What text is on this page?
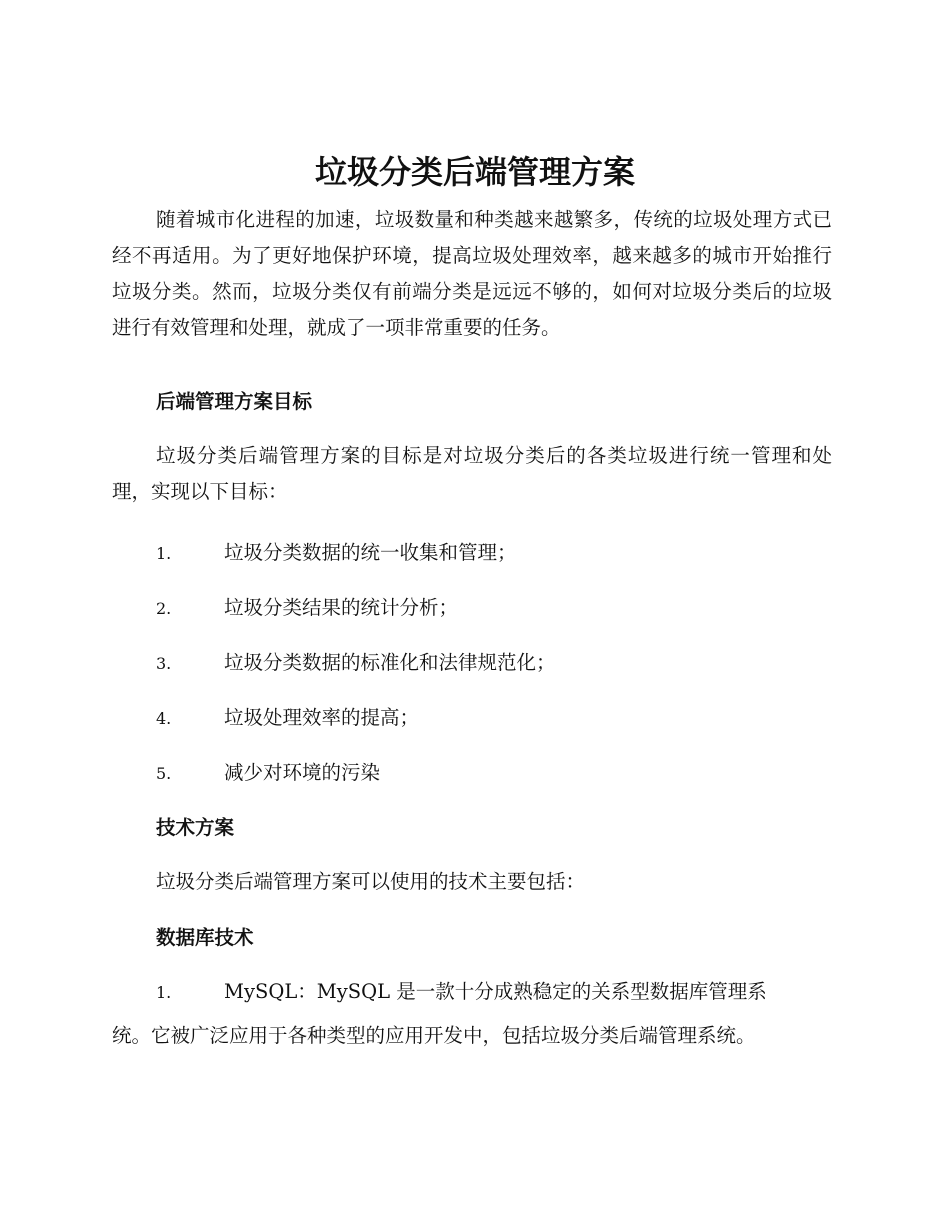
垃圾分类后端管理方案

随着城市化进程的加速，垃圾数量和种类越来越繁多，传统的垃圾处理方式已经不再适用。为了更好地保护环境，提高垃圾处理效率，越来越多的城市开始推行垃圾分类。然而，垃圾分类仅有前端分类是远远不够的，如何对垃圾分类后的垃圾进行有效管理和处理，就成了一项非常重要的任务。

后端管理方案目标

垃圾分类后端管理方案的目标是对垃圾分类后的各类垃圾进行统一管理和处理，实现以下目标：

1.	垃圾分类数据的统一收集和管理；
2.	垃圾分类结果的统计分析；
3.	垃圾分类数据的标准化和法律规范化；
4.	垃圾处理效率的提高；
5.	减少对环境的污染

技术方案

垃圾分类后端管理方案可以使用的技术主要包括：

数据库技术

1.	MySQL：MySQL 是一款十分成熟稳定的关系型数据库管理系
统。它被广泛应用于各种类型的应用开发中，包括垃圾分类后端管理系统。
